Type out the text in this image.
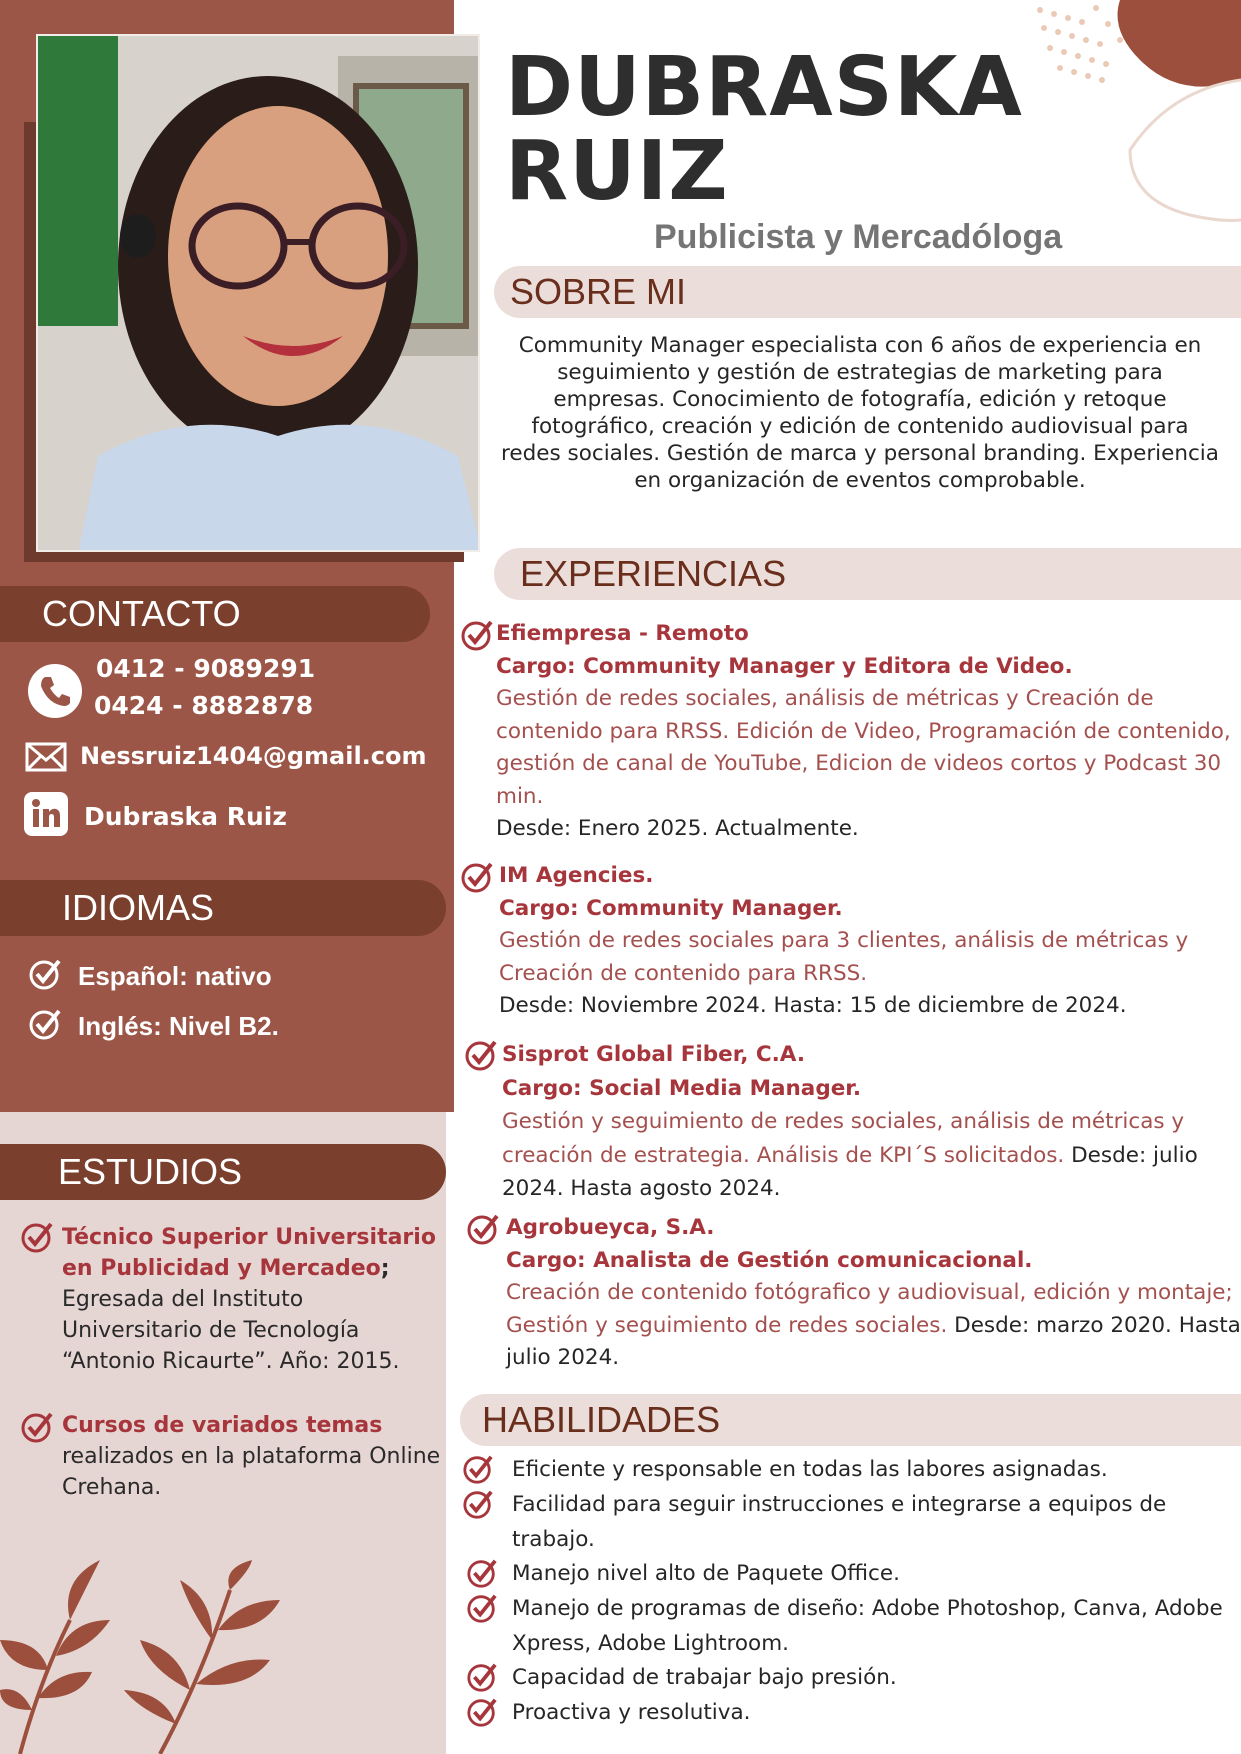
CONTACTO
0412 - 9089291
0424 - 8882878
Nessruiz1404@gmail.com
Dubraska Ruiz
IDIOMAS
Español: nativo
Inglés: Nivel B2.
ESTUDIOS
Técnico Superior Universitario en Publicidad y Mercadeo; Egresada del Instituto Universitario de Tecnología “Antonio Ricaurte”. Año: 2015.
Cursos de variados temas realizados en la plataforma Online Crehana.
DUBRASKA
RUIZ
Publicista y Mercadóloga
SOBRE MI
Community Manager especialista con 6 años de experiencia en seguimiento y gestión de estrategias de marketing para empresas. Conocimiento de fotografía, edición y retoque fotográfico, creación y edición de contenido audiovisual para redes sociales. Gestión de marca y personal branding. Experiencia en organización de eventos comprobable.
EXPERIENCIAS
Efiempresa - Remoto
Cargo: Community Manager y Editora de Video.
Gestión de redes sociales, análisis de métricas y Creación de contenido para RRSS. Edición de Video, Programación de contenido, gestión de canal de YouTube, Edicion de videos cortos y Podcast 30 min.
Desde: Enero 2025. Actualmente.
IM Agencies.
Cargo: Community Manager.
Gestión de redes sociales para 3 clientes, análisis de métricas y Creación de contenido para RRSS.
Desde: Noviembre 2024. Hasta: 15 de diciembre de 2024.
Sisprot Global Fiber, C.A.
Cargo: Social Media Manager.
Gestión y seguimiento de redes sociales, análisis de métricas y creación de estrategia. Análisis de KPI´S solicitados. Desde: julio 2024. Hasta agosto 2024.
Agrobueyca, S.A.
Cargo: Analista de Gestión comunicacional.
Creación de contenido fotógrafico y audiovisual, edición y montaje; Gestión y seguimiento de redes sociales. Desde: marzo 2020. Hasta julio 2024.
HABILIDADES
Eficiente y responsable en todas las labores asignadas.
Facilidad para seguir instrucciones e integrarse a equipos de trabajo.
Manejo nivel alto de Paquete Office.
Manejo de programas de diseño: Adobe Photoshop, Canva, Adobe Xpress, Adobe Lightroom.
Capacidad de trabajar bajo presión.
Proactiva y resolutiva.
